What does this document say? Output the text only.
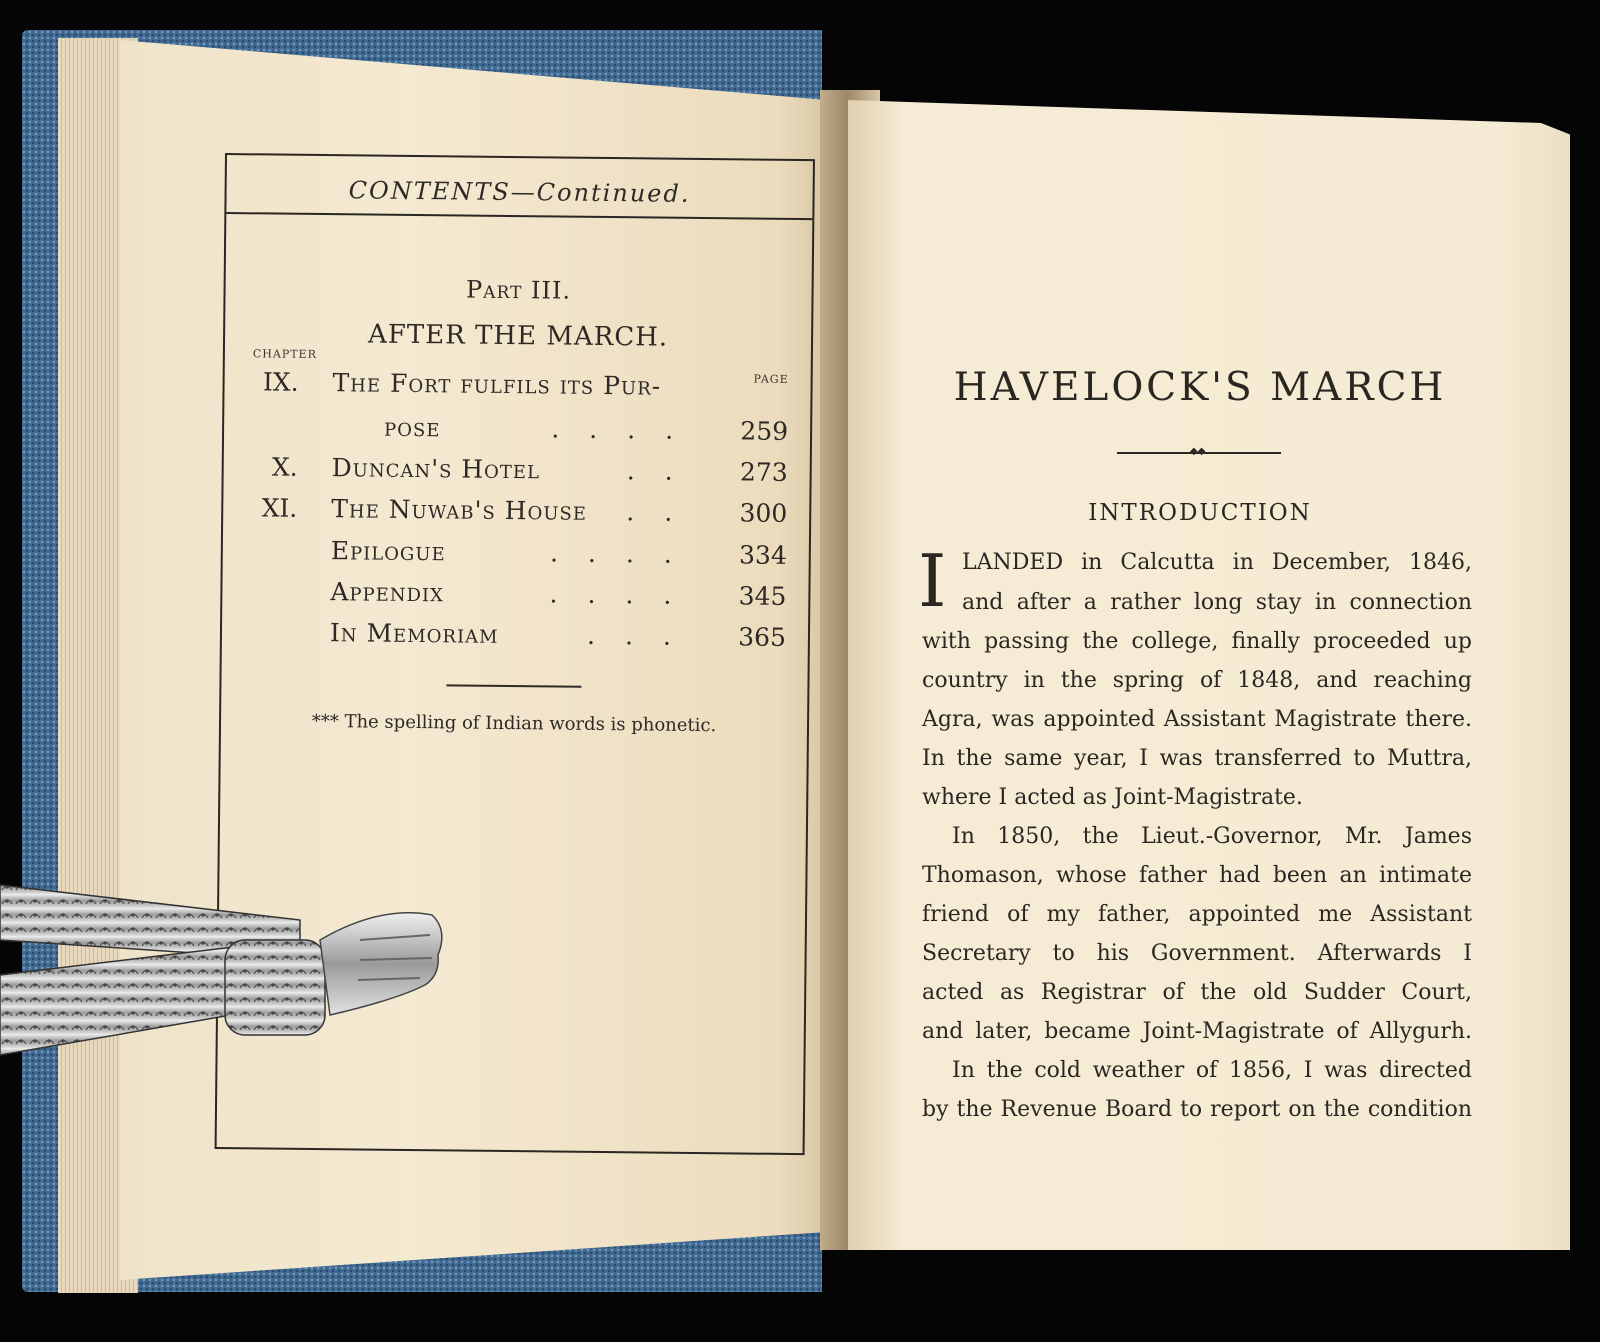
CONTENTS—Continued.
Part III.
AFTER THE MARCH.
CHAPTER
PAGE
IX. The Fort fulfils its Pur-
pose	.... 259
X. Duncan's Hotel	.. 273
XI. The Nuwab's House	.. 300
Epilogue	.... 334
Appendix	.... 345
In Memoriam	... 365
*** The spelling of Indian words is phonetic.
HAVELOCK'S MARCH
◆◆
INTRODUCTION
I LANDED in Calcutta in December, 1846,
and after a rather long stay in connection
with passing the college, finally proceeded up
country in the spring of 1848, and reaching
Agra, was appointed Assistant Magistrate there.
In the same year, I was transferred to Muttra,
where I acted as Joint-Magistrate.
In 1850, the Lieut.-Governor, Mr. James
Thomason, whose father had been an intimate
friend of my father, appointed me Assistant
Secretary to his Government. Afterwards I
acted as Registrar of the old Sudder Court,
and later, became Joint-Magistrate of Allygurh.
In the cold weather of 1856, I was directed
by the Revenue Board to report on the condition
